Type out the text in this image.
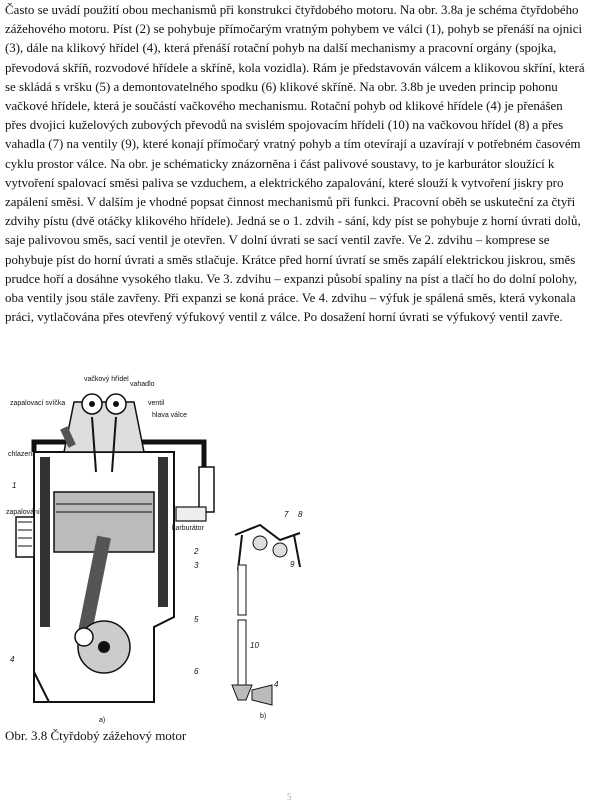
Často se uvádí použití obou mechanismů při konstrukci čtyřdobého motoru. Na obr. 3.8a je schéma čtyřdobého zážehového motoru. Píst (2) se pohybuje přímočarým vratným pohybem ve válci (1), pohyb se přenáší na ojnici (3), dále na klikový hřídel (4), která přenáší rotační pohyb na další mechanismy a pracovní orgány (spojka, převodová skříň, rozvodové hřídele a skříně, kola vozidla). Rám je představován válcem a klikovou skříní, která se skládá s vršku (5) a demontovatelného spodku (6) klikové skříně. Na obr. 3.8b je uveden princip pohonu vačkové hřídele, která je součástí vačkového mechanismu. Rotační pohyb od klikové hřídele (4) je přenášen přes dvojici kuželových zubových převodů na svislém spojovacím hřídeli (10) na vačkovou hřídel (8) a přes vahadla (7) na ventily (9), které konají přímočarý vratný pohyb a tím otevírají a uzavírají v potřebném časovém cyklu prostor válce. Na obr. je schématicky znázorněna i část palivové soustavy, to je karburátor sloužící k vytvoření spalovací směsi paliva se vzduchem, a elektrického zapalování, které slouží k vytvoření jiskry pro zapálení směsi. V dalším je vhodné popsat činnost mechanismů při funkci. Pracovní oběh se uskuteční za čtyři zdvihy pístu (dvě otáčky klikového hřídele). Jedná se o 1. zdvih - sání, kdy píst se pohybuje z horní úvrati dolů, saje palivovou směs, sací ventil je otevřen. V dolní úvrati se sací ventil zavře. Ve 2. zdvihu – komprese se pohybuje píst do horní úvrati a směs stlačuje. Krátce před horní úvratí se směs zapálí elektrickou jiskrou, směs prudce hoří a dosáhne vysokého tlaku. Ve 3. zdvihu – expanzi působí spaliny na píst a tlačí ho do dolní polohy, oba ventily jsou stále zavřeny. Při expanzi se koná práce. Ve 4. zdvihu – výfuk je spálená směs, která vykonala práci, vytlačována přes otevřený výfukový ventil z válce. Po dosažení horní úvrati se výfukový ventil zavře.

vačkový hřídel
vahadlo
zapalovací svíčka	ventil
hlava válce
chlazení
zapalování
karburátor
a)
1
2
3
4
5
6
7 8
9
10
4
b)
Obr. 3.8 Čtyřdobý zážehový motor
5
